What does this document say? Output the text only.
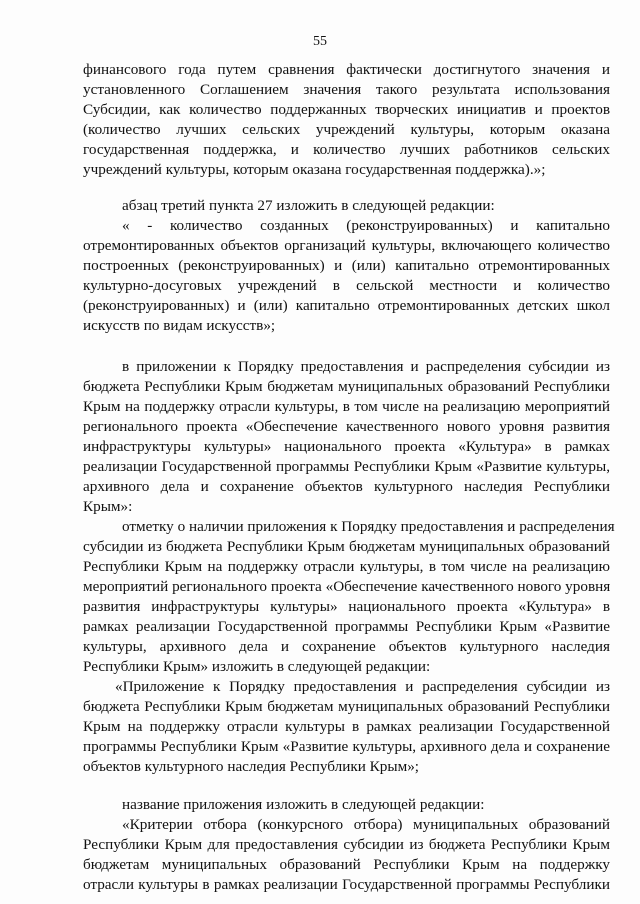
55
финансового года путем сравнения фактически достигнутого значения и
установленного Соглашением значения такого результата использования
Субсидии, как количество поддержанных творческих инициатив и проектов
(количество лучших сельских учреждений культуры, которым оказана
государственная поддержка, и количество лучших работников сельских
учреждений культуры, которым оказана государственная поддержка).»;
абзац третий пункта 27 изложить в следующей редакции:
« - количество созданных (реконструированных) и капитально
отремонтированных объектов организаций культуры, включающего количество
построенных (реконструированных) и (или) капитально отремонтированных
культурно-досуговых учреждений в сельской местности и количество
(реконструированных) и (или) капитально отремонтированных детских школ
искусств по видам искусств»;
в приложении к Порядку предоставления и распределения субсидии из
бюджета Республики Крым бюджетам муниципальных образований Республики
Крым на поддержку отрасли культуры, в том числе на реализацию мероприятий
регионального проекта «Обеспечение качественного нового уровня развития
инфраструктуры культуры» национального проекта «Культура» в рамках
реализации Государственной программы Республики Крым «Развитие культуры,
архивного дела и сохранение объектов культурного наследия Республики
Крым»:
отметку о наличии приложения к Порядку предоставления и распределения
субсидии из бюджета Республики Крым бюджетам муниципальных образований
Республики Крым на поддержку отрасли культуры, в том числе на реализацию
мероприятий регионального проекта «Обеспечение качественного нового уровня
развития инфраструктуры культуры» национального проекта «Культура» в
рамках реализации Государственной программы Республики Крым «Развитие
культуры, архивного дела и сохранение объектов культурного наследия
Республики Крым» изложить в следующей редакции:
«Приложение к Порядку предоставления и распределения субсидии из
бюджета Республики Крым бюджетам муниципальных образований Республики
Крым на поддержку отрасли культуры в рамках реализации Государственной
программы Республики Крым «Развитие культуры, архивного дела и сохранение
объектов культурного наследия Республики Крым»;
название приложения изложить в следующей редакции:
«Критерии отбора (конкурсного отбора) муниципальных образований
Республики Крым для предоставления субсидии из бюджета Республики Крым
бюджетам муниципальных образований Республики Крым на поддержку
отрасли культуры в рамках реализации Государственной программы Республики
